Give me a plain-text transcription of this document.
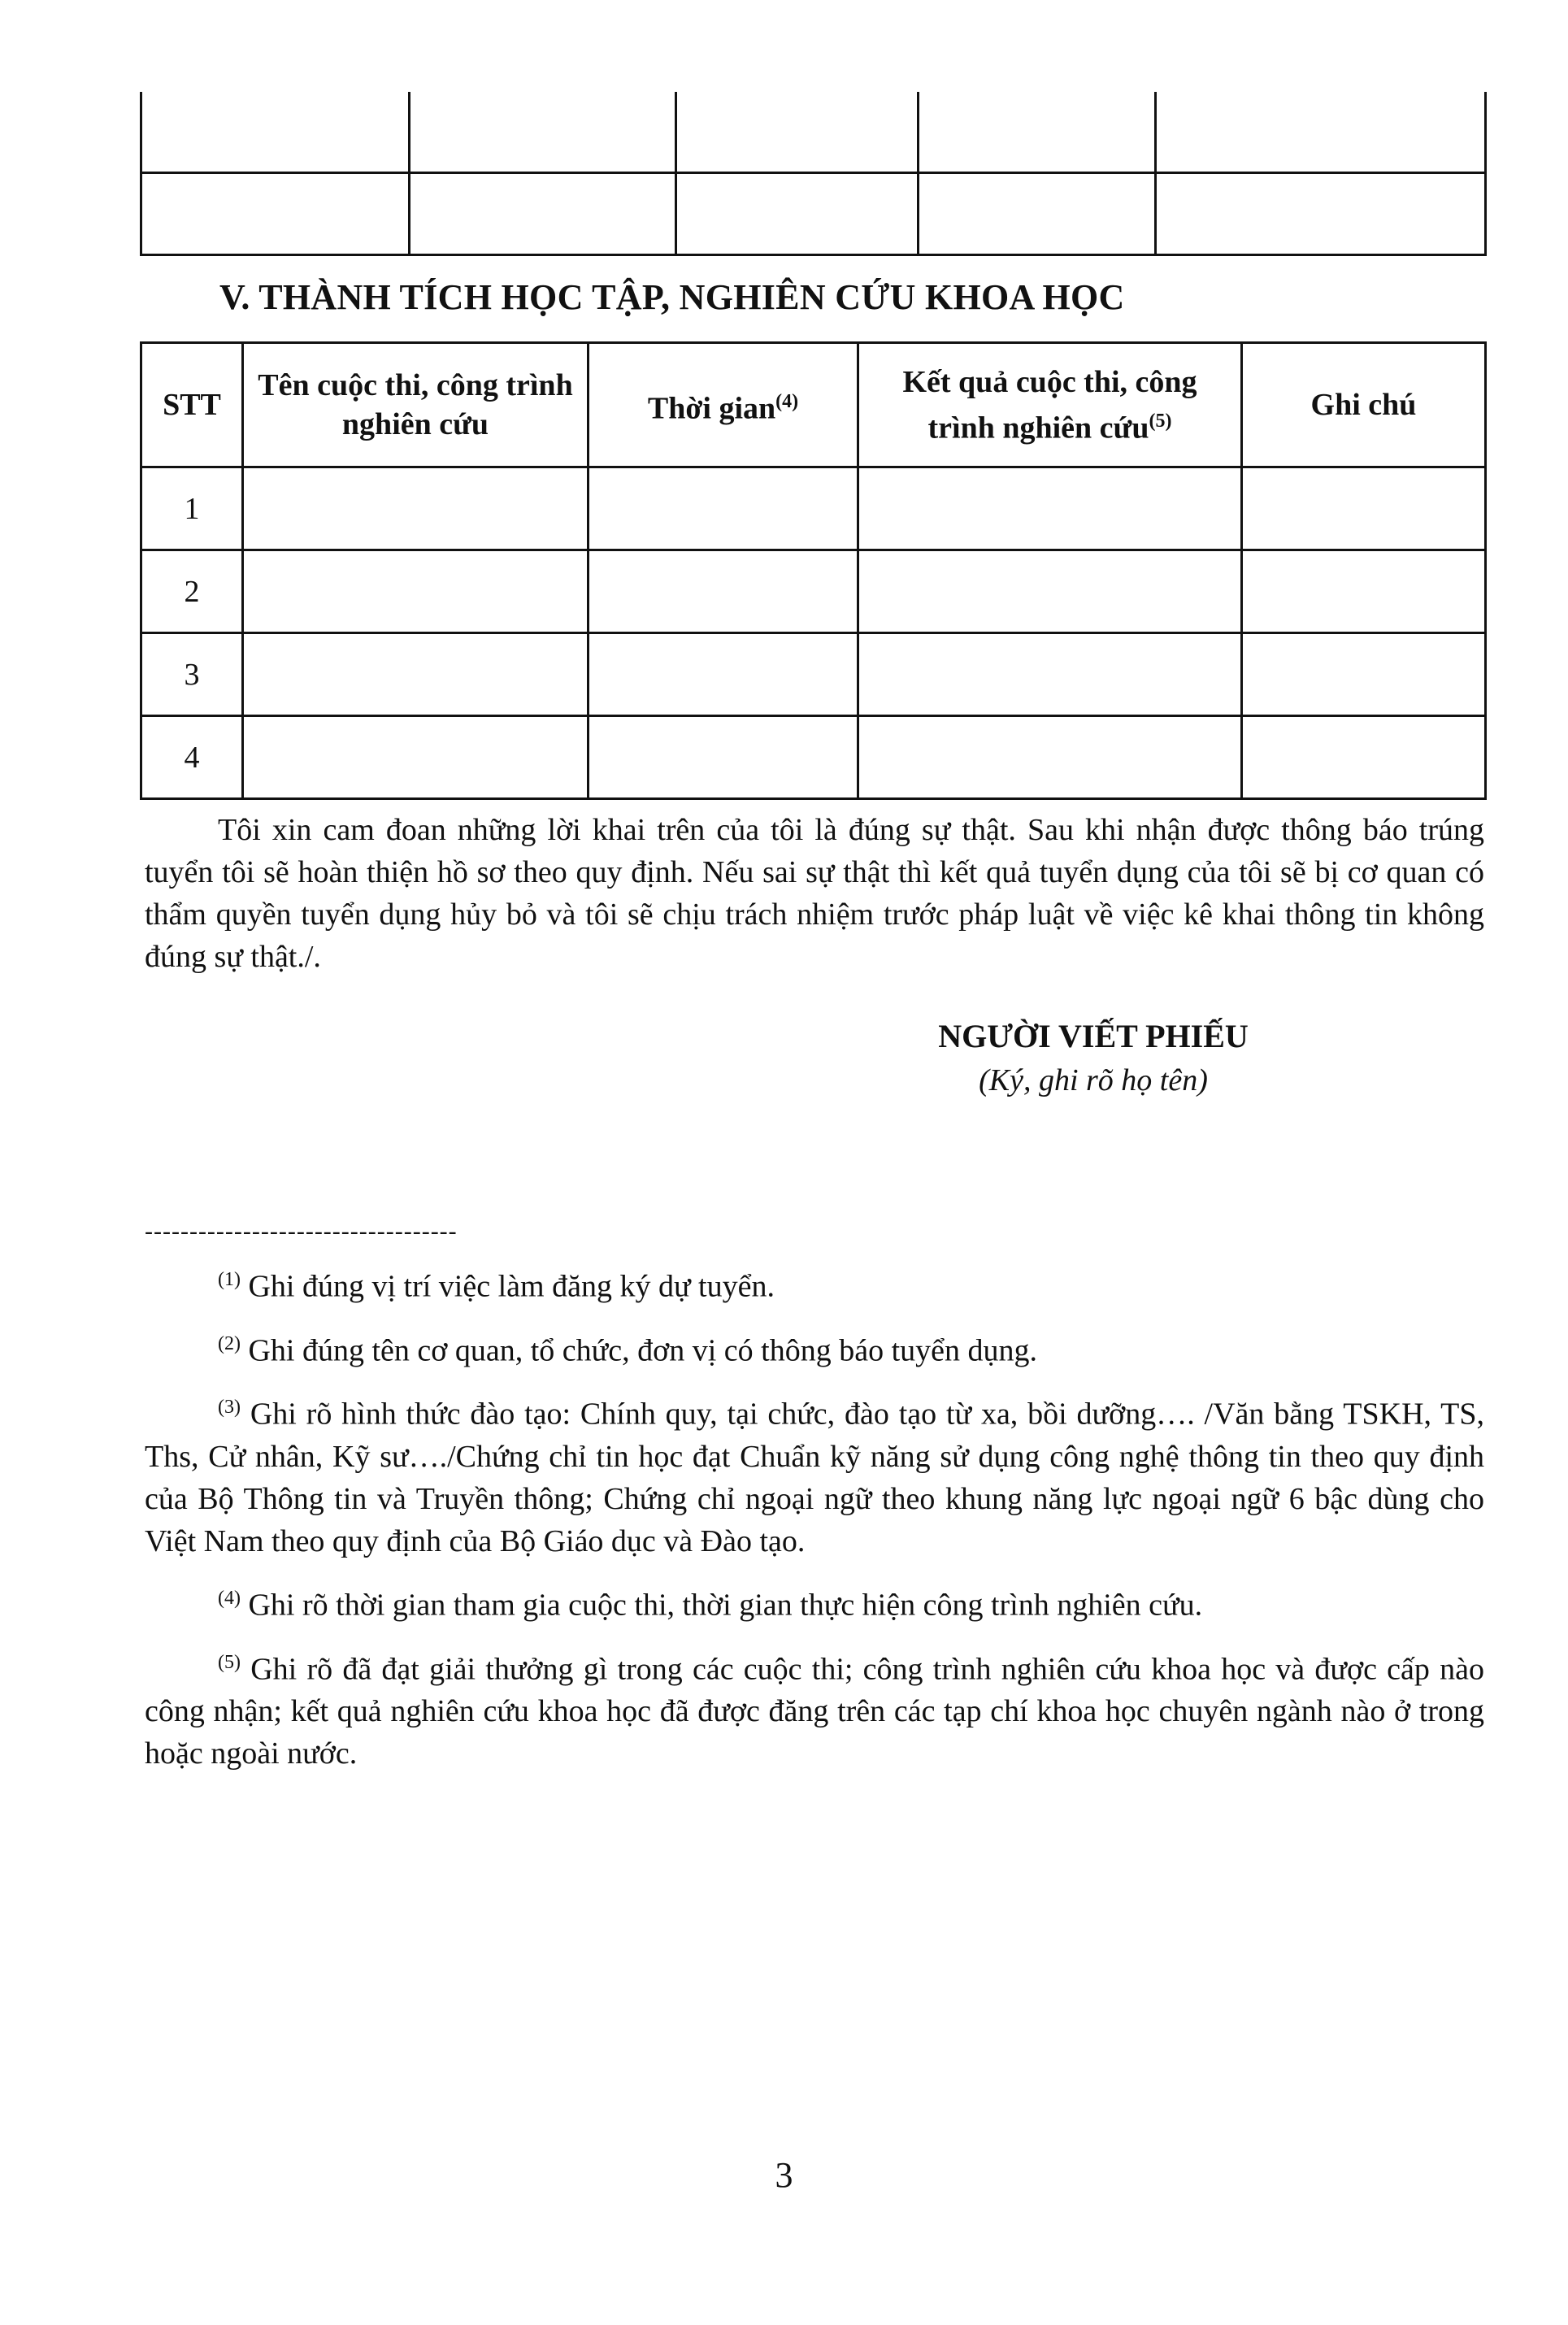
V. THÀNH TÍCH HỌC TẬP, NGHIÊN CỨU KHOA HỌC
STT	Tên cuộc thi, công trình nghiên cứu	Thời gian$^{(4)}$	Kết quả cuộc thi, công trình nghiên cứu$^{(5)}$	Ghi chú
1				
2				
3				
4				

Tôi xin cam đoan những lời khai trên của tôi là đúng sự thật. Sau khi nhận được thông báo trúng tuyển tôi sẽ hoàn thiện hồ sơ theo quy định. Nếu sai sự thật thì kết quả tuyển dụng của tôi sẽ bị cơ quan có thẩm quyền tuyển dụng hủy bỏ và tôi sẽ chịu trách nhiệm trước pháp luật về việc kê khai thông tin không đúng sự thật./.

NGƯỜI VIẾT PHIẾU
(Ký, ghi rõ họ tên)
-----------------------------------

$^{(1)}$ Ghi đúng vị trí việc làm đăng ký dự tuyển.

$^{(2)}$ Ghi đúng tên cơ quan, tổ chức, đơn vị có thông báo tuyển dụng.

$^{(3)}$ Ghi rõ hình thức đào tạo: Chính quy, tại chức, đào tạo từ xa, bồi dưỡng…. /Văn bằng TSKH, TS, Ths, Cử nhân, Kỹ sư…./Chứng chỉ tin học đạt Chuẩn kỹ năng sử dụng công nghệ thông tin theo quy định của Bộ Thông tin và Truyền thông; Chứng chỉ ngoại ngữ theo khung năng lực ngoại ngữ 6 bậc dùng cho Việt Nam theo quy định của Bộ Giáo dục và Đào tạo.

$^{(4)}$ Ghi rõ thời gian tham gia cuộc thi, thời gian thực hiện công trình nghiên cứu.

$^{(5)}$ Ghi rõ đã đạt giải thưởng gì trong các cuộc thi; công trình nghiên cứu khoa học và được cấp nào công nhận; kết quả nghiên cứu khoa học đã được đăng trên các tạp chí khoa học chuyên ngành nào ở trong hoặc ngoài nước.

3
